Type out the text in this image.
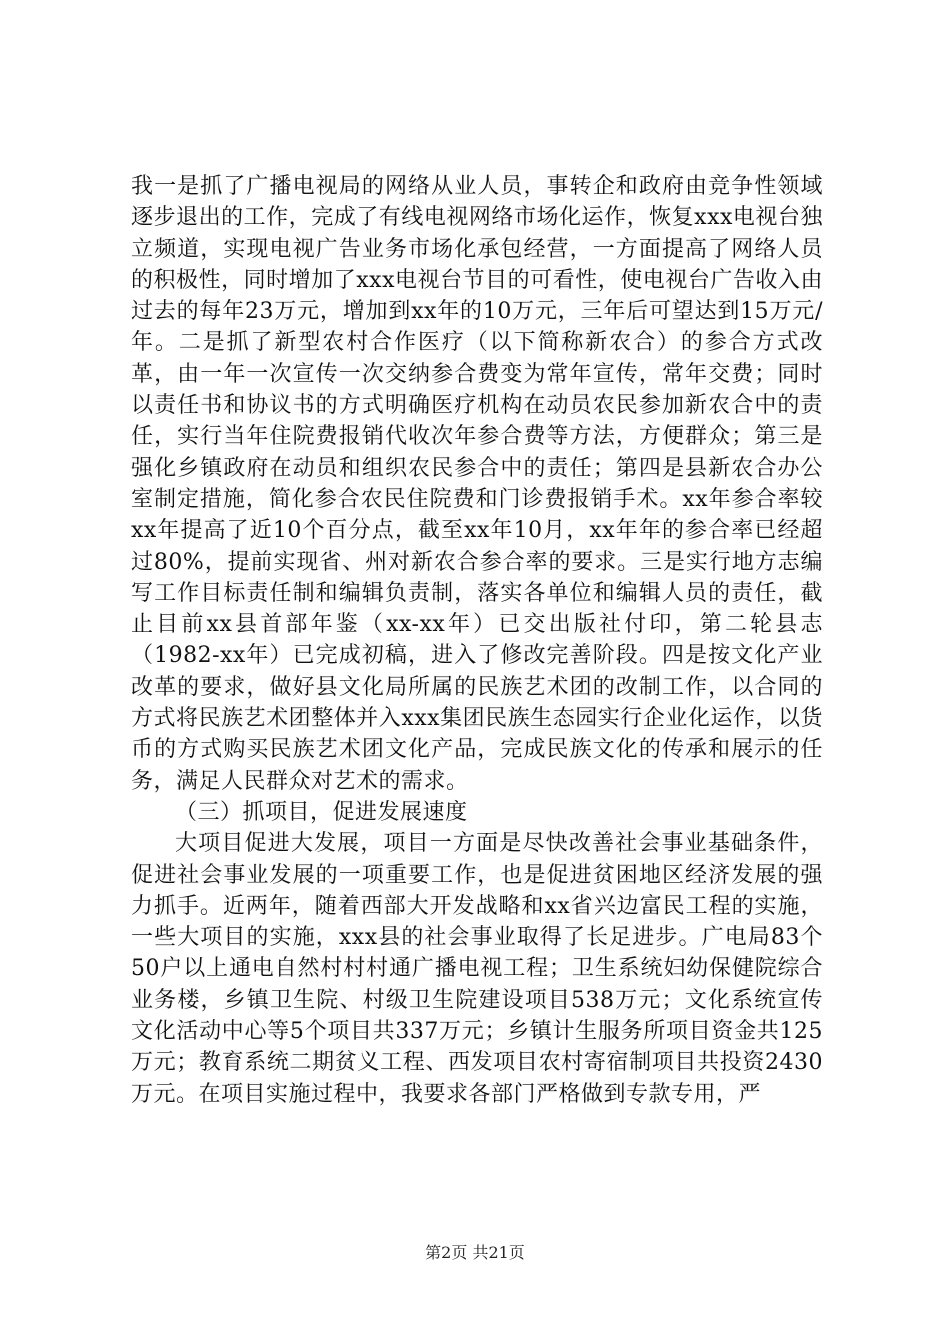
我一是抓了广播电视局的网络从业人员，事转企和政府由竞争性领域逐步退出的工作，完成了有线电视网络市场化运作，恢复xxx电视台独立频道，实现电视广告业务市场化承包经营，一方面提高了网络人员的积极性，同时增加了xxx电视台节目的可看性，使电视台广告收入由过去的每年23万元，增加到xx年的10万元，三年后可望达到15万元/年。二是抓了新型农村合作医疗（以下简称新农合）的参合方式改革，由一年一次宣传一次交纳参合费变为常年宣传，常年交费；同时以责任书和协议书的方式明确医疗机构在动员农民参加新农合中的责任，实行当年住院费报销代收次年参合费等方法，方便群众；第三是强化乡镇政府在动员和组织农民参合中的责任；第四是县新农合办公室制定措施，简化参合农民住院费和门诊费报销手术。xx年参合率较xx年提高了近10个百分点，截至xx年10月，xx年年的参合率已经超过80%，提前实现省、州对新农合参合率的要求。三是实行地方志编写工作目标责任制和编辑负责制，落实各单位和编辑人员的责任，截止目前xx县首部年鉴（xx-xx年）已交出版社付印，第二轮县志（1982-xx年）已完成初稿，进入了修改完善阶段。四是按文化产业改革的要求，做好县文化局所属的民族艺术团的改制工作，以合同的方式将民族艺术团整体并入xxx集团民族生态园实行企业化运作，以货币的方式购买民族艺术团文化产品，完成民族文化的传承和展示的任务，满足人民群众对艺术的需求。

（三）抓项目，促进发展速度

大项目促进大发展，项目一方面是尽快改善社会事业基础条件，促进社会事业发展的一项重要工作，也是促进贫困地区经济发展的强力抓手。近两年，随着西部大开发战略和xx省兴边富民工程的实施，一些大项目的实施，xxx县的社会事业取得了长足进步。广电局83个50户以上通电自然村村村通广播电视工程；卫生系统妇幼保健院综合业务楼，乡镇卫生院、村级卫生院建设项目538万元；文化系统宣传文化活动中心等5个项目共337万元；乡镇计生服务所项目资金共125万元；教育系统二期贫义工程、西发项目农村寄宿制项目共投资2430万元。在项目实施过程中，我要求各部门严格做到专款专用，严

第2页 共21页
